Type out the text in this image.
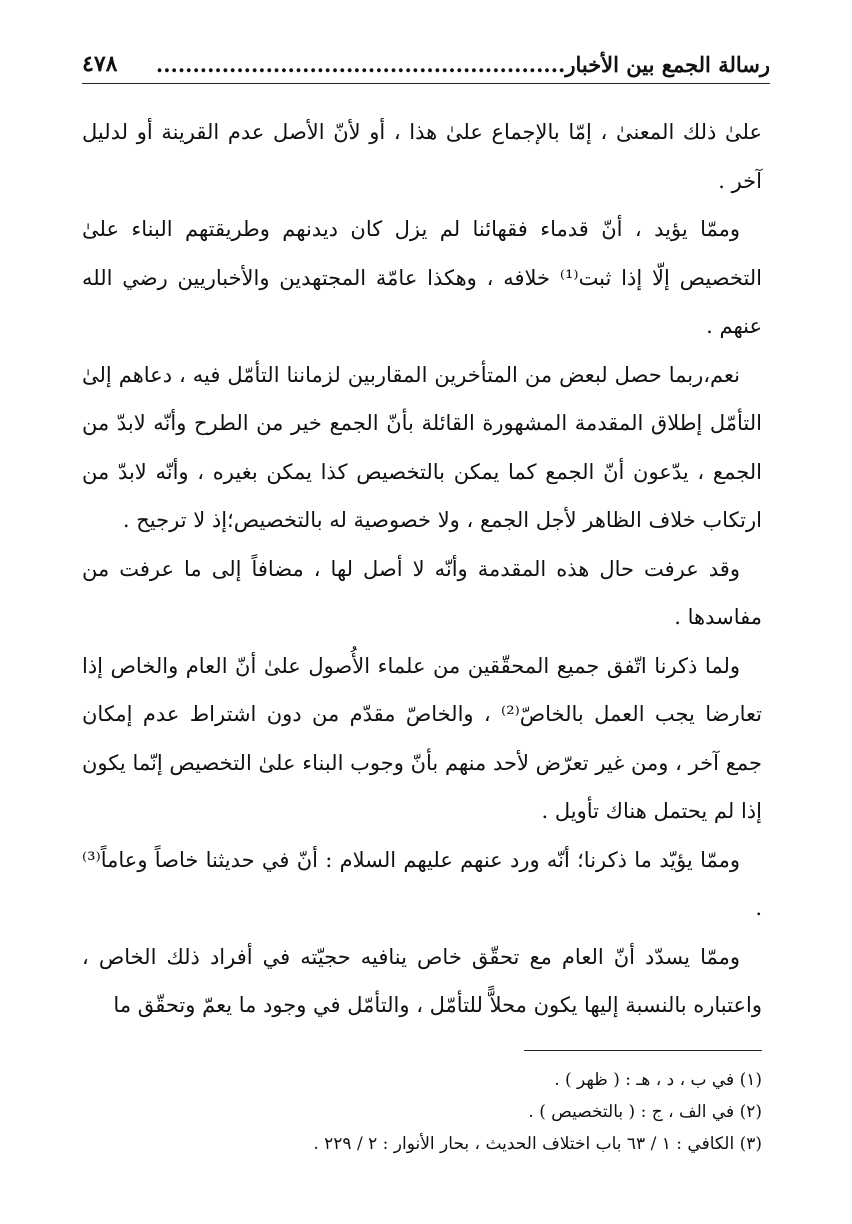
رسالة الجمع بين الأخبار........................................................
٤٧٨

علىٰ ذلك المعنىٰ ، إمّا بالإجماع علىٰ هذا ، أو لأنّ الأصل عدم القرينة أو لدليل آخر .

وممّا يؤيد ، أنّ قدماء فقهائنا لم يزل كان ديدنهم وطريقتهم البناء علىٰ التخصيص إلّا إذا ثبت⁽¹⁾ خلافه ، وهكذا عامّة المجتهدين والأخباريين رضي الله عنهم .

نعم،ربما حصل لبعض من المتأخرين المقاربين لزماننا التأمّل فيه ، دعاهم إلىٰ التأمّل إطلاق المقدمة المشهورة القائلة بأنّ الجمع خير من الطرح وأنّه لابدّ من الجمع ، يدّعون أنّ الجمع كما يمكن بالتخصيص كذا يمكن بغيره ، وأنّه لابدّ من ارتكاب خلاف الظاهر لأجل الجمع ، ولا خصوصية له بالتخصيص؛إذ لا ترجيح .

وقد عرفت حال هذه المقدمة وأنّه لا أصل لها ، مضافاً إلى ما عرفت من مفاسدها .

ولما ذكرنا اتّفق جميع المحقّقين من علماء الأُصول علىٰ أنّ العام والخاص إذا تعارضا يجب العمل بالخاصّ⁽²⁾ ، والخاصّ مقدّم من دون اشتراط عدم إمكان جمع آخر ، ومن غير تعرّض لأحد منهم بأنّ وجوب البناء علىٰ التخصيص إنّما يكون إذا لم يحتمل هناك تأويل .

وممّا يؤيّد ما ذكرنا؛ أنّه ورد عنهم عليهم السلام : أنّ في حديثنا خاصاً وعاماً⁽³⁾ .

وممّا يسدّد أنّ العام مع تحقّق خاص ينافيه حجيّته في أفراد ذلك الخاص ، واعتباره بالنسبة إليها يكون محلاًّ للتأمّل ، والتأمّل في وجود ما يعمّ وتحقّق ما

(١) في ب ، د ، هـ : ( ظهر ) .
(٢) في الف ، ج : ( بالتخصيص ) .
(٣) الكافي : ١ / ٦٣ باب اختلاف الحديث ، بحار الأنوار : ٢ / ٢٢٩ .
